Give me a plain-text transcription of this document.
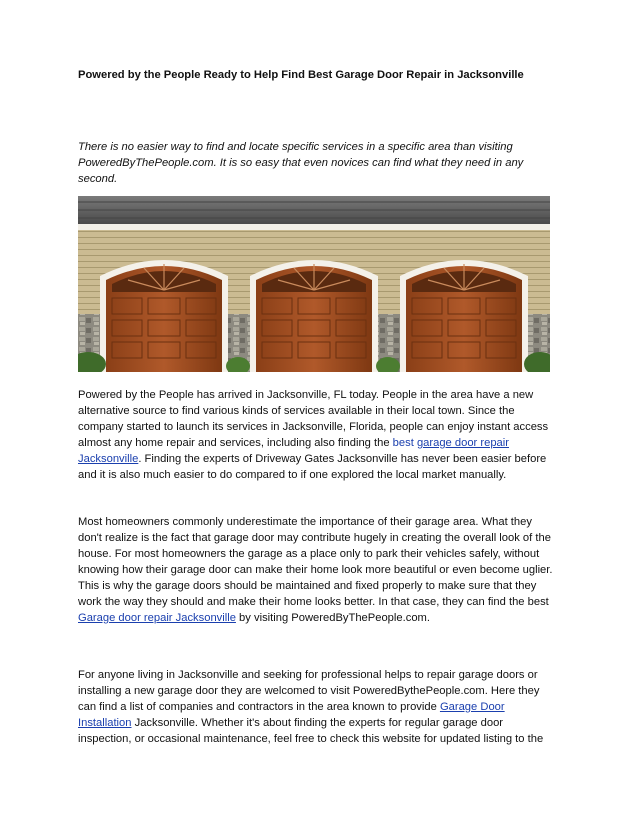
Powered by the People Ready to Help Find Best Garage Door Repair in Jacksonville
There is no easier way to find and locate specific services in a specific area than visiting
PoweredByThePeople.com. It is so easy that even novices can find what they need in any
second.
Powered by the People has arrived in Jacksonville, FL today. People in the area have a new
alternative source to find various kinds of services available in their local town. Since the
company started to launch its services in Jacksonville, Florida, people can enjoy instant access
almost any home repair and services, including also finding the best garage door repair
Jacksonville. Finding the experts of Driveway Gates Jacksonville has never been easier before
and it is also much easier to do compared to if one explored the local market manually.
Most homeowners commonly underestimate the importance of their garage area. What they
don't realize is the fact that garage door may contribute hugely in creating the overall look of the
house. For most homeowners the garage as a place only to park their vehicles safely, without
knowing how their garage door can make their home look more beautiful or even become uglier.
This is why the garage doors should be maintained and fixed properly to make sure that they
work the way they should and make their home looks better. In that case, they can find the best
Garage door repair Jacksonville by visiting PoweredByThePeople.com.
For anyone living in Jacksonville and seeking for professional helps to repair garage doors or
installing a new garage door they are welcomed to visit PoweredBythePeople.com. Here they
can find a list of companies and contractors in the area known to provide Garage Door
Installation Jacksonville. Whether it's about finding the experts for regular garage door
inspection, or occasional maintenance, feel free to check this website for updated listing to the
